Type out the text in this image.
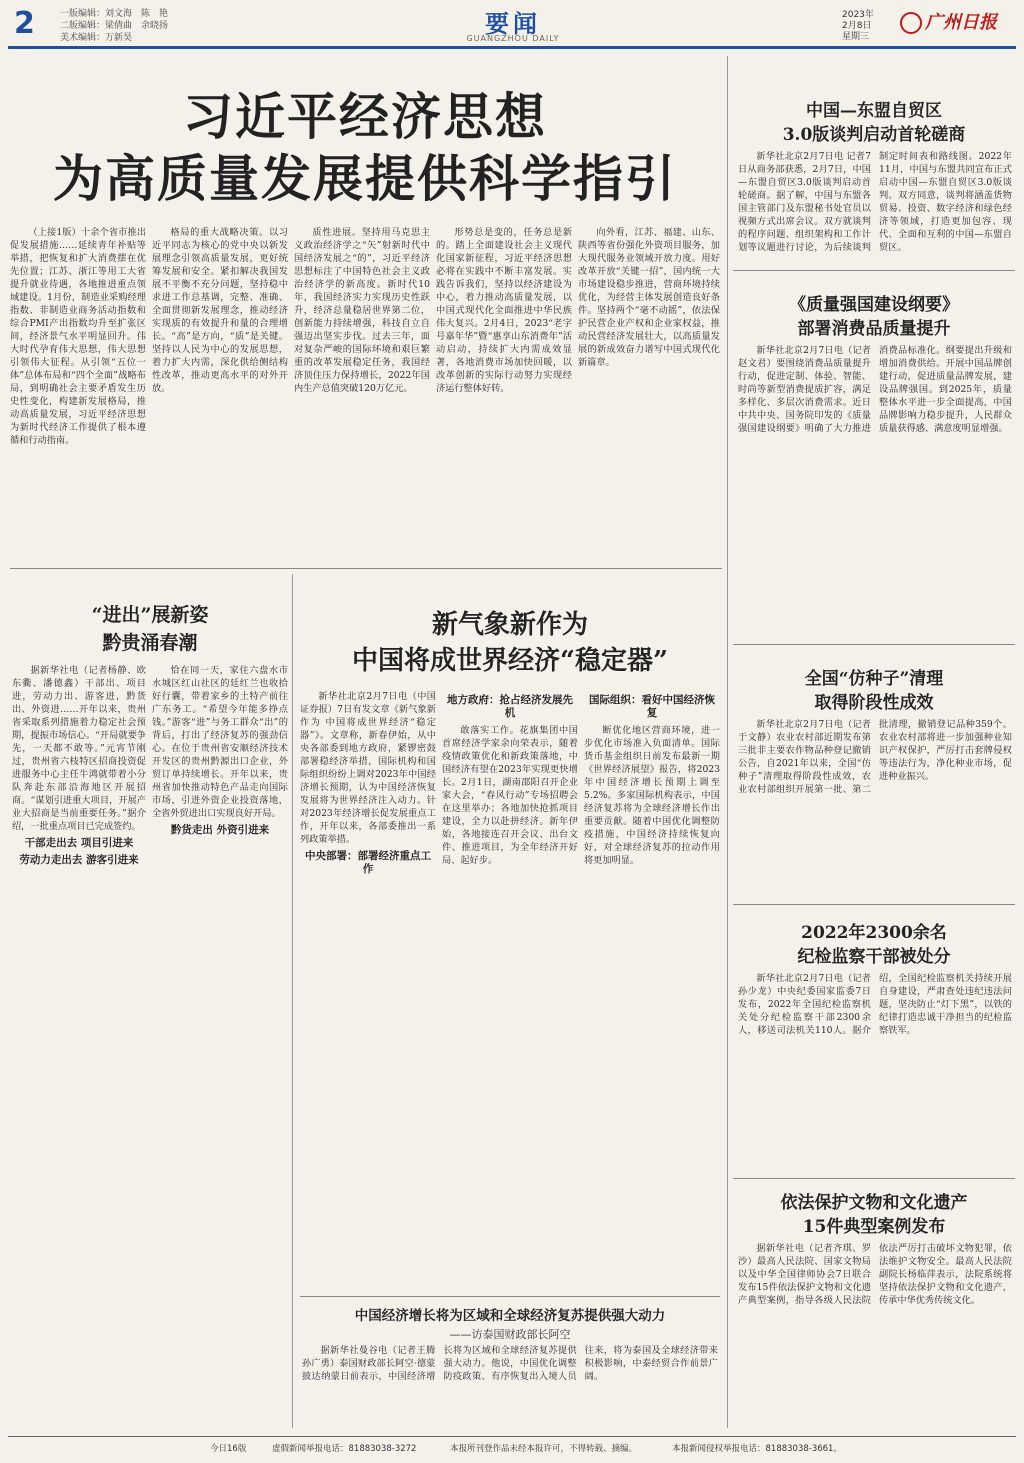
2	一版编辑：刘文海　陈　艳
二版编辑：梁倩曲　余晓扬
美术编辑：万新昊	要闻
GUANGZHOU DAILY
2023年
2月8日
星期三
广州日报
习近平经济思想
为高质量发展提供科学指引

（上接1版）十余个省市推出促发展措施……延续青年补贴等举措，把恢复和扩大消费摆在优先位置；江苏、浙江等用工大省提升就业待遇，各地推进重点领域建设。1月份，制造业采购经理指数、非制造业商务活动指数和综合PMI产出指数均升至扩张区间，经济景气水平明显回升。伟大时代孕育伟大思想，伟大思想引领伟大征程。从引领“五位一体”总体布局和“四个全面”战略布局，到明确社会主要矛盾发生历史性变化，构建新发展格局，推动高质量发展，习近平经济思想为新时代经济工作提供了根本遵循和行动指南。

格局的重大战略决策。以习近平同志为核心的党中央以新发展理念引领高质量发展，更好统筹发展和安全。紧扣解决我国发展不平衡不充分问题，坚持稳中求进工作总基调，完整、准确、全面贯彻新发展理念，推动经济实现质的有效提升和量的合理增长。“高”是方向，“质”是关键。坚持以人民为中心的发展思想，着力扩大内需，深化供给侧结构性改革，推动更高水平的对外开放。

质性进展。坚持用马克思主义政治经济学之“矢”射新时代中国经济发展之“的”，习近平经济思想标注了中国特色社会主义政治经济学的新高度。新时代10年，我国经济实力实现历史性跃升，经济总量稳居世界第二位，创新能力持续增强，科技自立自强迈出坚实步伐。过去三年，面对复杂严峻的国际环境和艰巨繁重的改革发展稳定任务，我国经济顶住压力保持增长，2022年国内生产总值突破120万亿元。

形势总是变的，任务总是新的。踏上全面建设社会主义现代化国家新征程，习近平经济思想必将在实践中不断丰富发展。实践告诉我们，坚持以经济建设为中心，着力推动高质量发展，以中国式现代化全面推进中华民族伟大复兴。2月4日，2023“老字号嘉年华”暨“惠享山东消费年”活动启动，持续扩大内需成效显著，各地消费市场加快回暖，以改革创新的实际行动努力实现经济运行整体好转。

向外看，江苏、福建、山东、陕西等省份强化外资项目服务，加大现代服务业领域开放力度。用好改革开放“关键一招”，国内统一大市场建设稳步推进，营商环境持续优化，为经营主体发展创造良好条件。坚持两个“毫不动摇”，依法保护民营企业产权和企业家权益，推动民营经济发展壮大，以高质量发展的新成效奋力谱写中国式现代化新篇章。

中国—东盟自贸区
3.0版谈判启动首轮磋商

新华社北京2月7日电 记者7日从商务部获悉，2月7日，中国—东盟自贸区3.0版谈判启动首轮磋商。据了解，中国与东盟各国主管部门及东盟秘书处官员以视频方式出席会议。双方就谈判的程序问题、组织架构和工作计划等议题进行讨论，为后续谈判制定时间表和路线图。2022年11月，中国与东盟共同宣布正式启动中国—东盟自贸区3.0版谈判。双方同意，谈判将涵盖货物贸易、投资、数字经济和绿色经济等领域，打造更加包容、现代、全面和互利的中国—东盟自贸区。

《质量强国建设纲要》
部署消费品质量提升

新华社北京2月7日电（记者赵文君）要围绕消费品质量提升行动，促进定制、体验、智能、时尚等新型消费提质扩容，满足多样化、多层次消费需求。近日中共中央、国务院印发的《质量强国建设纲要》明确了大力推进消费品标准化。纲要提出升级和增加消费供给。开展中国品牌创建行动，促进质量品牌发展，建设品牌强国。到2025年，质量整体水平进一步全面提高，中国品牌影响力稳步提升，人民群众质量获得感、满意度明显增强。

全国“仿种子”清理
取得阶段性成效

新华社北京2月7日电（记者于文静）农业农村部近期发布第三批非主要农作物品种登记撤销公告，自2021年以来，全国“仿种子”清理取得阶段性成效，农业农村部组织开展第一批、第二批清理，撤销登记品种359个。农业农村部将进一步加强种业知识产权保护，严厉打击套牌侵权等违法行为，净化种业市场，促进种业振兴。

2022年2300余名
纪检监察干部被处分

新华社北京2月7日电（记者孙少龙）中央纪委国家监委7日发布，2022年全国纪检监察机关处分纪检监察干部2300余人，移送司法机关110人。据介绍，全国纪检监察机关持续开展自身建设，严肃查处违纪违法问题，坚决防止“灯下黑”，以铁的纪律打造忠诚干净担当的纪检监察铁军。

依法保护文物和文化遗产
15件典型案例发布

据新华社电（记者齐琪、罗沙）最高人民法院、国家文物局以及中华全国律师协会7日联合发布15件依法保护文物和文化遗产典型案例，指导各级人民法院依法严厉打击破坏文物犯罪，依法维护文物安全。最高人民法院副院长杨临萍表示，法院系统将坚持依法保护文物和文化遗产，传承中华优秀传统文化。

“进出”展新姿
黔贵涌春潮

据新华社电（记者杨静、欧东衢、潘德鑫）干部出、项目进，劳动力出、游客进，黔货出、外资进……开年以来，贵州省采取系列措施着力稳定社会预期，提振市场信心。“开局就要争先，一天都不敢等。”元宵节刚过，贵州省六枝特区招商投资促进服务中心主任牛鸿就带着小分队奔赴东部沿海地区开展招商。“谋划引进重大项目，开展产业大招商是当前重要任务。”据介绍，一批重点项目已完成签约。

干部走出去 项目引进来
劳动力走出去 游客引进来

恰在同一天，家住六盘水市水城区红山社区的廷红兰也收拾好行囊，带着家乡的土特产前往广东务工。“希望今年能多挣点钱。”游客“进”与务工群众“出”的背后，打出了经济复苏的强劲信心。在位于贵州省安顺经济技术开发区的贵州黔源出口企业，外贸订单持续增长。开年以来，贵州省加快推动特色产品走向国际市场，引进外资企业投资落地，全省外贸进出口实现良好开局。

黔货走出 外资引进来
新气象新作为
中国将成世界经济“稳定器”

新华社北京2月7日电（中国证券报）7日有发文章《新气象新作为 中国将成世界经济“稳定器”》。文章称，新春伊始，从中央各部委到地方政府，紧锣密鼓部署稳经济举措，国际机构和国际组织纷纷上调对2023年中国经济增长预期，认为中国经济恢复发展将为世界经济注入动力。针对2023年经济增长促发展重点工作，开年以来，各部委推出一系列政策举措。

中央部署：部署经济重点工作
地方政府：抢占经济发展先机

敢落实工作。花旗集团中国首席经济学家余向荣表示，随着疫情政策优化和新政策落地，中国经济有望在2023年实现更快增长。2月1日，湖南邵阳召开企业家大会，“春风行动”专场招聘会在这里举办；各地加快抢抓项目建设，全力以赴拼经济。新年伊始，各地接连召开会议、出台文件、推进项目，为全年经济开好局、起好步。

国际组织：看好中国经济恢复

断优化地区营商环境，进一步优化市场准入负面清单。国际货币基金组织日前发布最新一期《世界经济展望》报告，将2023年中国经济增长预期上调至5.2%。多家国际机构表示，中国经济复苏将为全球经济增长作出重要贡献。随着中国优化调整防疫措施，中国经济持续恢复向好，对全球经济复苏的拉动作用将更加明显。

中国经济增长将为区域和全球经济复苏提供强大动力
——访泰国财政部长阿空

据新华社曼谷电（记者王腾 孙广勇）泰国财政部长阿空·德蒙披达纳蒙日前表示，中国经济增长将为区域和全球经济复苏提供强大动力。他说，中国优化调整防疫政策、有序恢复出入境人员往来，将为泰国及全球经济带来积极影响，中泰经贸合作前景广阔。

今日16版	虚假新闻举报电话：81883038-3272	本报所刊登作品未经本报许可，不得转载、摘编。	本报新闻侵权举报电话：81883038-3661。
